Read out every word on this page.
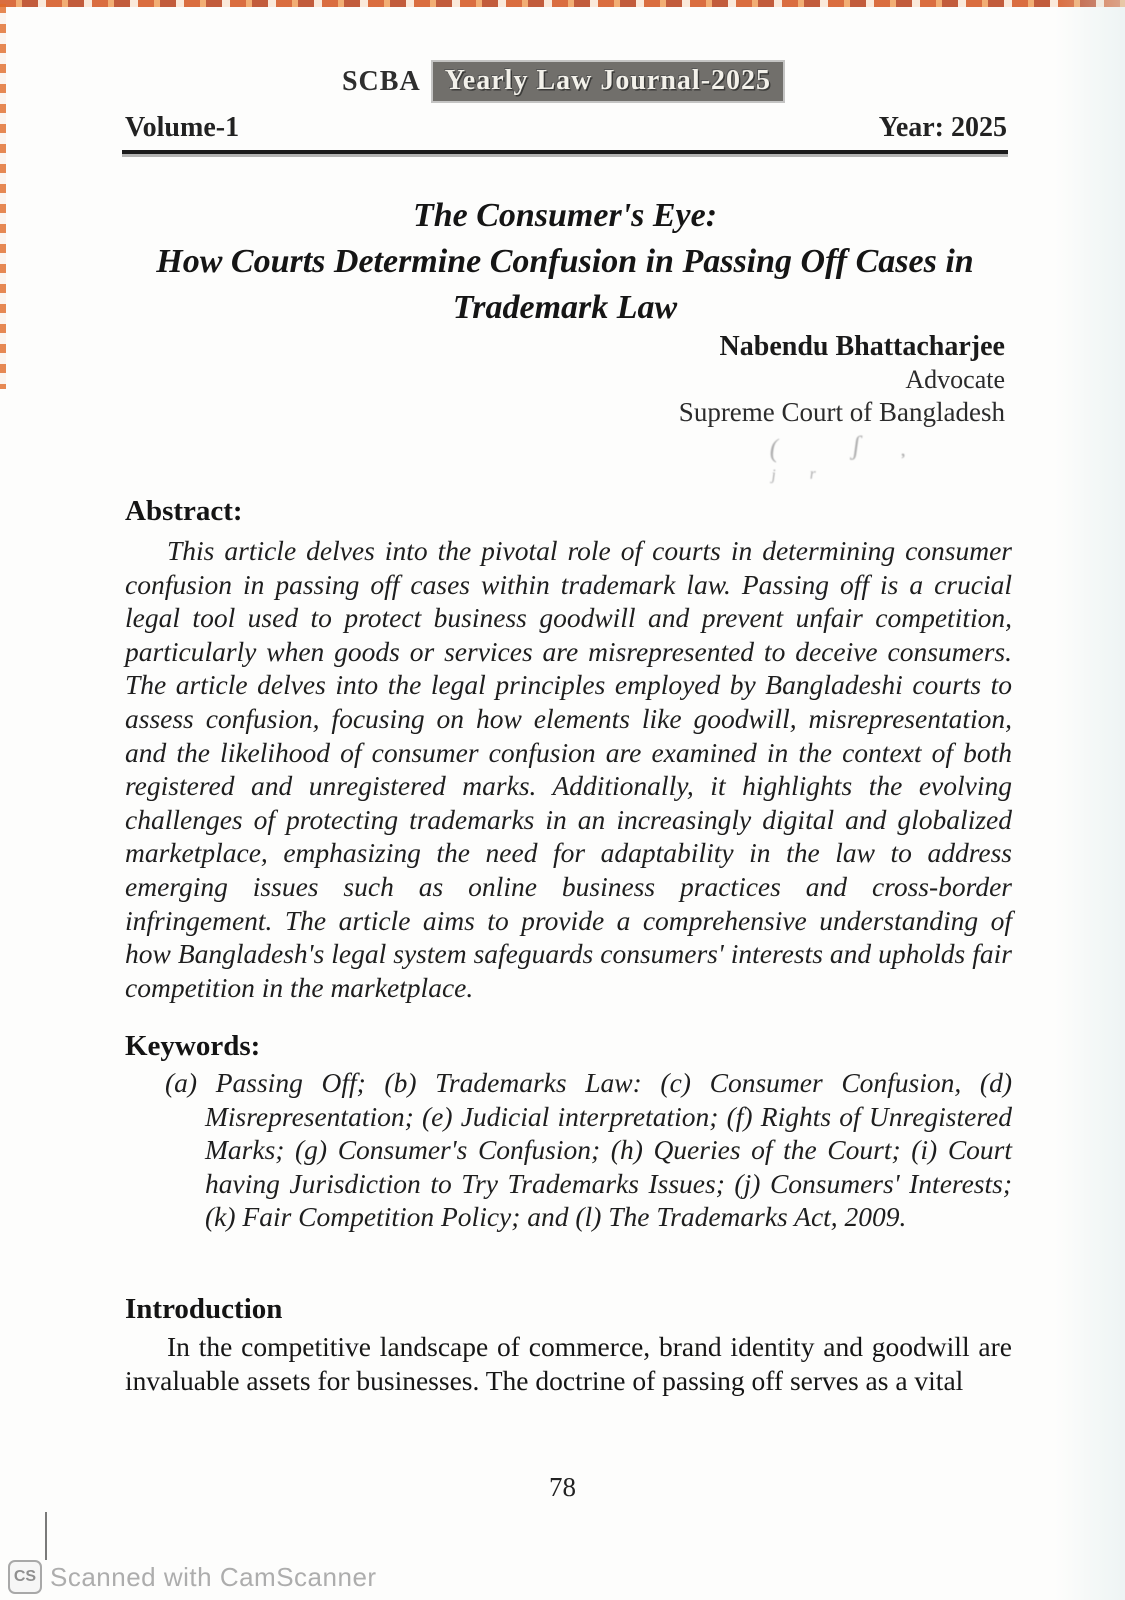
SCBA Yearly Law Journal-2025
Volume-1	Year: 2025
The Consumer's Eye:
How Courts Determine Confusion in Passing Off Cases in
Trademark Law
Nabendu Bhattacharjee
Advocate
Supreme Court of Bangladesh
( ʃ ̦ ʲʳ
Abstract:
This article delves into the pivotal role of courts in determining consumer confusion in passing off cases within trademark law. Passing off is a crucial legal tool used to protect business goodwill and prevent unfair competition, particularly when goods or services are misrepresented to deceive consumers. The article delves into the legal principles employed by Bangladeshi courts to assess confusion, focusing on how elements like goodwill, misrepresentation, and the likelihood of consumer confusion are examined in the context of both registered and unregistered marks. Additionally, it highlights the evolving challenges of protecting trademarks in an increasingly digital and globalized marketplace, emphasizing the need for adaptability in the law to address emerging issues such as online business practices and cross-border infringement. The article aims to provide a comprehensive understanding of how Bangladesh's legal system safeguards consumers' interests and upholds fair competition in the marketplace.
Keywords:
(a) Passing Off; (b) Trademarks Law: (c) Consumer Confusion, (d) Misrepresentation; (e) Judicial interpretation; (f) Rights of Unregistered Marks; (g) Consumer's Confusion; (h) Queries of the Court; (i) Court having Jurisdiction to Try Trademarks Issues; (j) Consumers' Interests; (k) Fair Competition Policy; and (l) The Trademarks Act, 2009.
Introduction
In the competitive landscape of commerce, brand identity and goodwill are invaluable assets for businesses. The doctrine of passing off serves as a vital
78
CS Scanned with CamScanner
